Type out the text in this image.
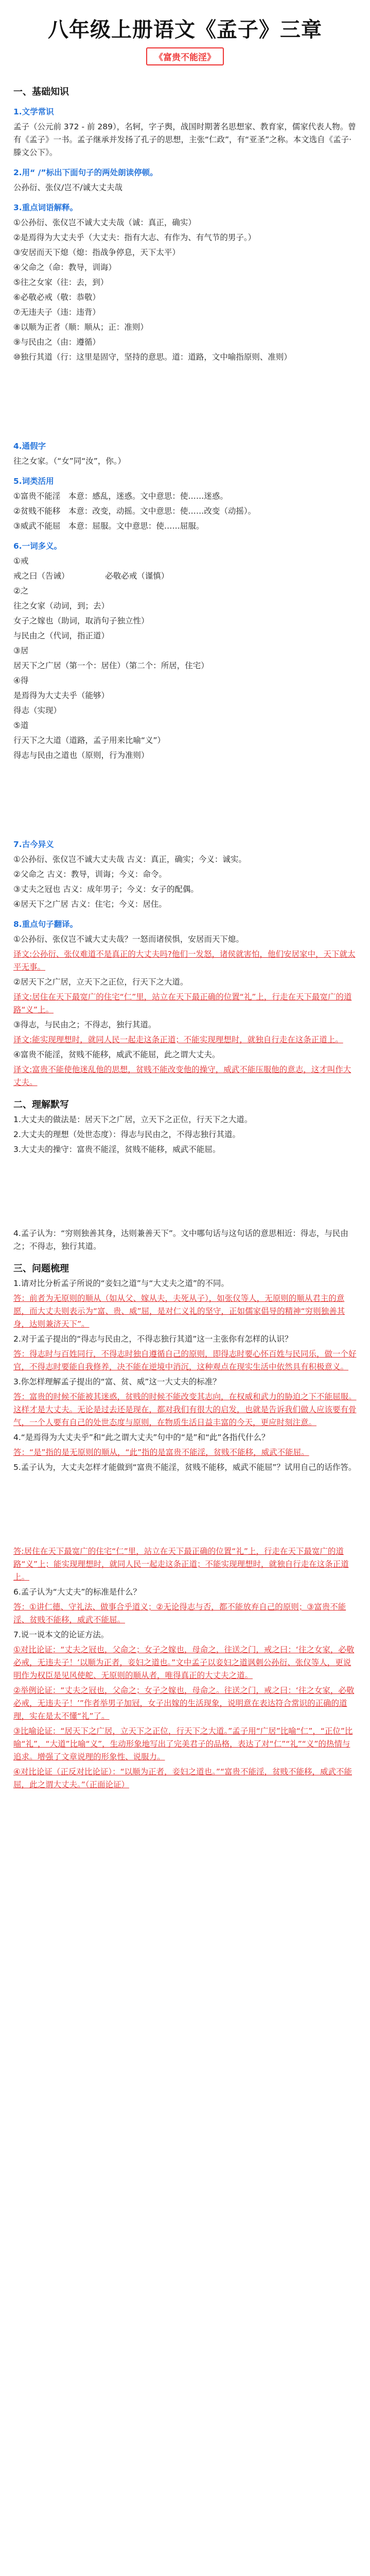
八年级上册语文《孟子》三章
《富贵不能淫》
一、基础知识
1.文学常识
孟子（公元前 372 - 前 289），名轲，字子舆，战国时期著名思想家、教育家，儒家代表人物。曾有《孟子》一书。孟子继承并发扬了孔子的思想，主张“仁政”，有“亚圣”之称。本文选自《孟子·滕文公下》。
2.用“ /”标出下面句子的两处朗读停顿。
公孙衍、张仪/岂不/诚大丈夫哉
3.重点词语解释。
①公孙衍、张仪岂不诚大丈夫哉（诚：真正，确实）
②是焉得为大丈夫乎（大丈夫：指有大志、有作为、有气节的男子。）
③安居而天下熄（熄：指战争停息，天下太平）
④父命之（命：教导，训诲）
⑤往之女家（往：去，到）
⑥必敬必戒（敬：恭敬）
⑦无违夫子（违：违背）
⑧以顺为正者（顺：顺从；正：准则）
⑨与民由之（由：遵循）
⑩独行其道（行：这里是固守，坚持的意思。道：道路，文中喻指原则、准则）
4.通假字
往之女家。（“女”同“汝”，你。）
5.词类活用
①富贵不能淫　本意：感乱，迷惑。文中意思：使……迷惑。
②贫贱不能移　本意：改变，动摇。文中意思：使……改变（动摇）。
③威武不能屈　本意：屈服。文中意思：使……屈服。
6.一词多义。
①戒　　　　　　　　
戒之曰（告诫）　　　　　必敬必戒（谨慎）
②之
往之女家（动词，到；去）
女子之嫁也（助词，取消句子独立性）
与民由之（代词，指正道）
③居
居天下之广居（第一个：居住）（第二个：所居，住宅）
④得
是焉得为大丈夫乎（能够）
得志（实现）
⑤道
行天下之大道（道路，孟子用来比喻“义”）
得志与民由之道也（原则，行为准则）
7.古今异义
①公孙衍、张仪岂不诚大丈夫哉 古义：真正，确实；今义：诚实。
②父命之 古义：教导，训诲；今义：命令。
③丈夫之冠也 古义：成年男子；今义：女子的配偶。
④居天下之广居 古义：住宅；今义：居住。
8.重点句子翻译。
①公孙衍、张仪岂不诚大丈夫哉？一怒而诸侯惧，安居而天下熄。
译文:公孙衍、张仪难道不是真正的大丈夫吗?他们一发怒，诸侯就害怕，他们安居家中，天下就太平无事。
②居天下之广居，立天下之正位，行天下之大道。
译文:居住在天下最宽广的住宅“仁”里，站立在天下最正确的位置“礼”上，行走在天下最宽广的道路“义”上。
③得志，与民由之；不得志，独行其道。
译文:能实现理想时，就同人民一起走这条正道；不能实现理想时，就独自行走在这条正道上。
④富贵不能淫，贫贱不能移，威武不能屈，此之谓大丈夫。
译文:富贵不能使他迷乱他的思想，贫贱不能改变他的操守，威武不能压服他的意志，这才叫作大丈夫。
二、理解默写
1.大丈夫的做法是：居天下之广居，立天下之正位，行天下之大道。
2.大丈夫的理想（处世态度）：得志与民由之，不得志独行其道。
3.大丈夫的操守：富贵不能淫，贫贱不能移，威武不能屈。
4.孟子认为：“穷则独善其身，达则兼善天下”。文中哪句话与这句话的意思相近：得志，与民由之；不得志，独行其道。
三、问题梳理
1.请对比分析孟子所说的“妾妇之道”与“大丈夫之道”的不同。
答：前者为无原则的顺从（如从父、嫁从夫，夫死从子），如张仪等人，无原则的顺从君主的意愿，而大丈夫则表示为“富、贵、威”屈，是对仁义礼的坚守，正如儒家倡导的精神“穷则独善其身，达则兼济天下”。
2.对于孟子提出的“得志与民由之，不得志独行其道”这一主张你有怎样的认识？
答：得志时与百姓同行，不得志时独自遵循自己的原则，即得志时要心怀百姓与民同乐，做一个好官，不得志时要能自我修养，决不能在逆境中消沉，这种观点在现实生活中依然具有积极意义。
3.你怎样理解孟子提出的“富、贫、威”这一大丈夫的标准？
答：富贵的时候不能被其迷惑，贫贱的时候不能改变其志向，在权威和武力的胁迫之下不能屈服。这样才是大丈夫。无论是过去还是现在，都对我们有很大的启发，也就是告诉我们做人应该要有骨气，一个人要有自己的处世态度与原则，在物质生活日益丰富的今天，更应时刻注意。
4.“是焉得为大丈夫乎”和“此之谓大丈夫”句中的“是”和“此”各指代什么？
答：“是”指的是无原则的顺从，“此”指的是富贵不能淫，贫贱不能移，威武不能屈。
5.孟子认为，大丈夫怎样才能做到“富贵不能淫，贫贱不能移，威武不能屈”？试用自己的话作答。
答:居住在天下最宽广的住宅“仁”里，站立在天下最正确的位置“礼”上，行走在天下最宽广的道路“义”上；能实现理想时，就同人民一起走这条正道；不能实现理想时，就独自行走在这条正道上。
6.孟子认为“大丈夫”的标准是什么？
答：①讲仁德、守礼法、做事合乎道义；②无论得志与否，都不能放弃自己的原则；③富贵不能淫、贫贱不能移，威武不能屈。
7.说一说本文的论证方法。
①对比论证：“丈夫之冠也，父命之；女子之嫁也，母命之，往送之门，戒之曰：‘往之女家，必敬必戒，无违夫子！’以顺为正者，妾妇之道也。”文中孟子以妾妇之道讽刺公孙衍、张仪等人，更说明作为权臣是见风使舵、无原则的顺从者，唯得真正的大丈夫之道。
②举例论证：“丈夫之冠也，父命之；女子之嫁也，母命之。往送之门，戒之曰：‘往之女家，必敬必戒，无违夫子！’”作者举男子加冠，女子出嫁的生活现象，说明意在表达符合常识的正确的道理，实在是太不懂“礼”了。
③比喻论证：“居天下之广居，立天下之正位，行天下之大道。”孟子用“广居”比喻“仁”，“正位”比喻“礼”，“大道”比喻“义”，生动形象地写出了完美君子的品格，表达了对“仁”“礼”“义”的热情与追求。增强了文章说理的形象性、说服力。
④对比论证（正反对比论证）：“以顺为正者，妾妇之道也。”“富贵不能淫，贫贱不能移，威武不能屈，此之谓大丈夫。”（正面论证）
